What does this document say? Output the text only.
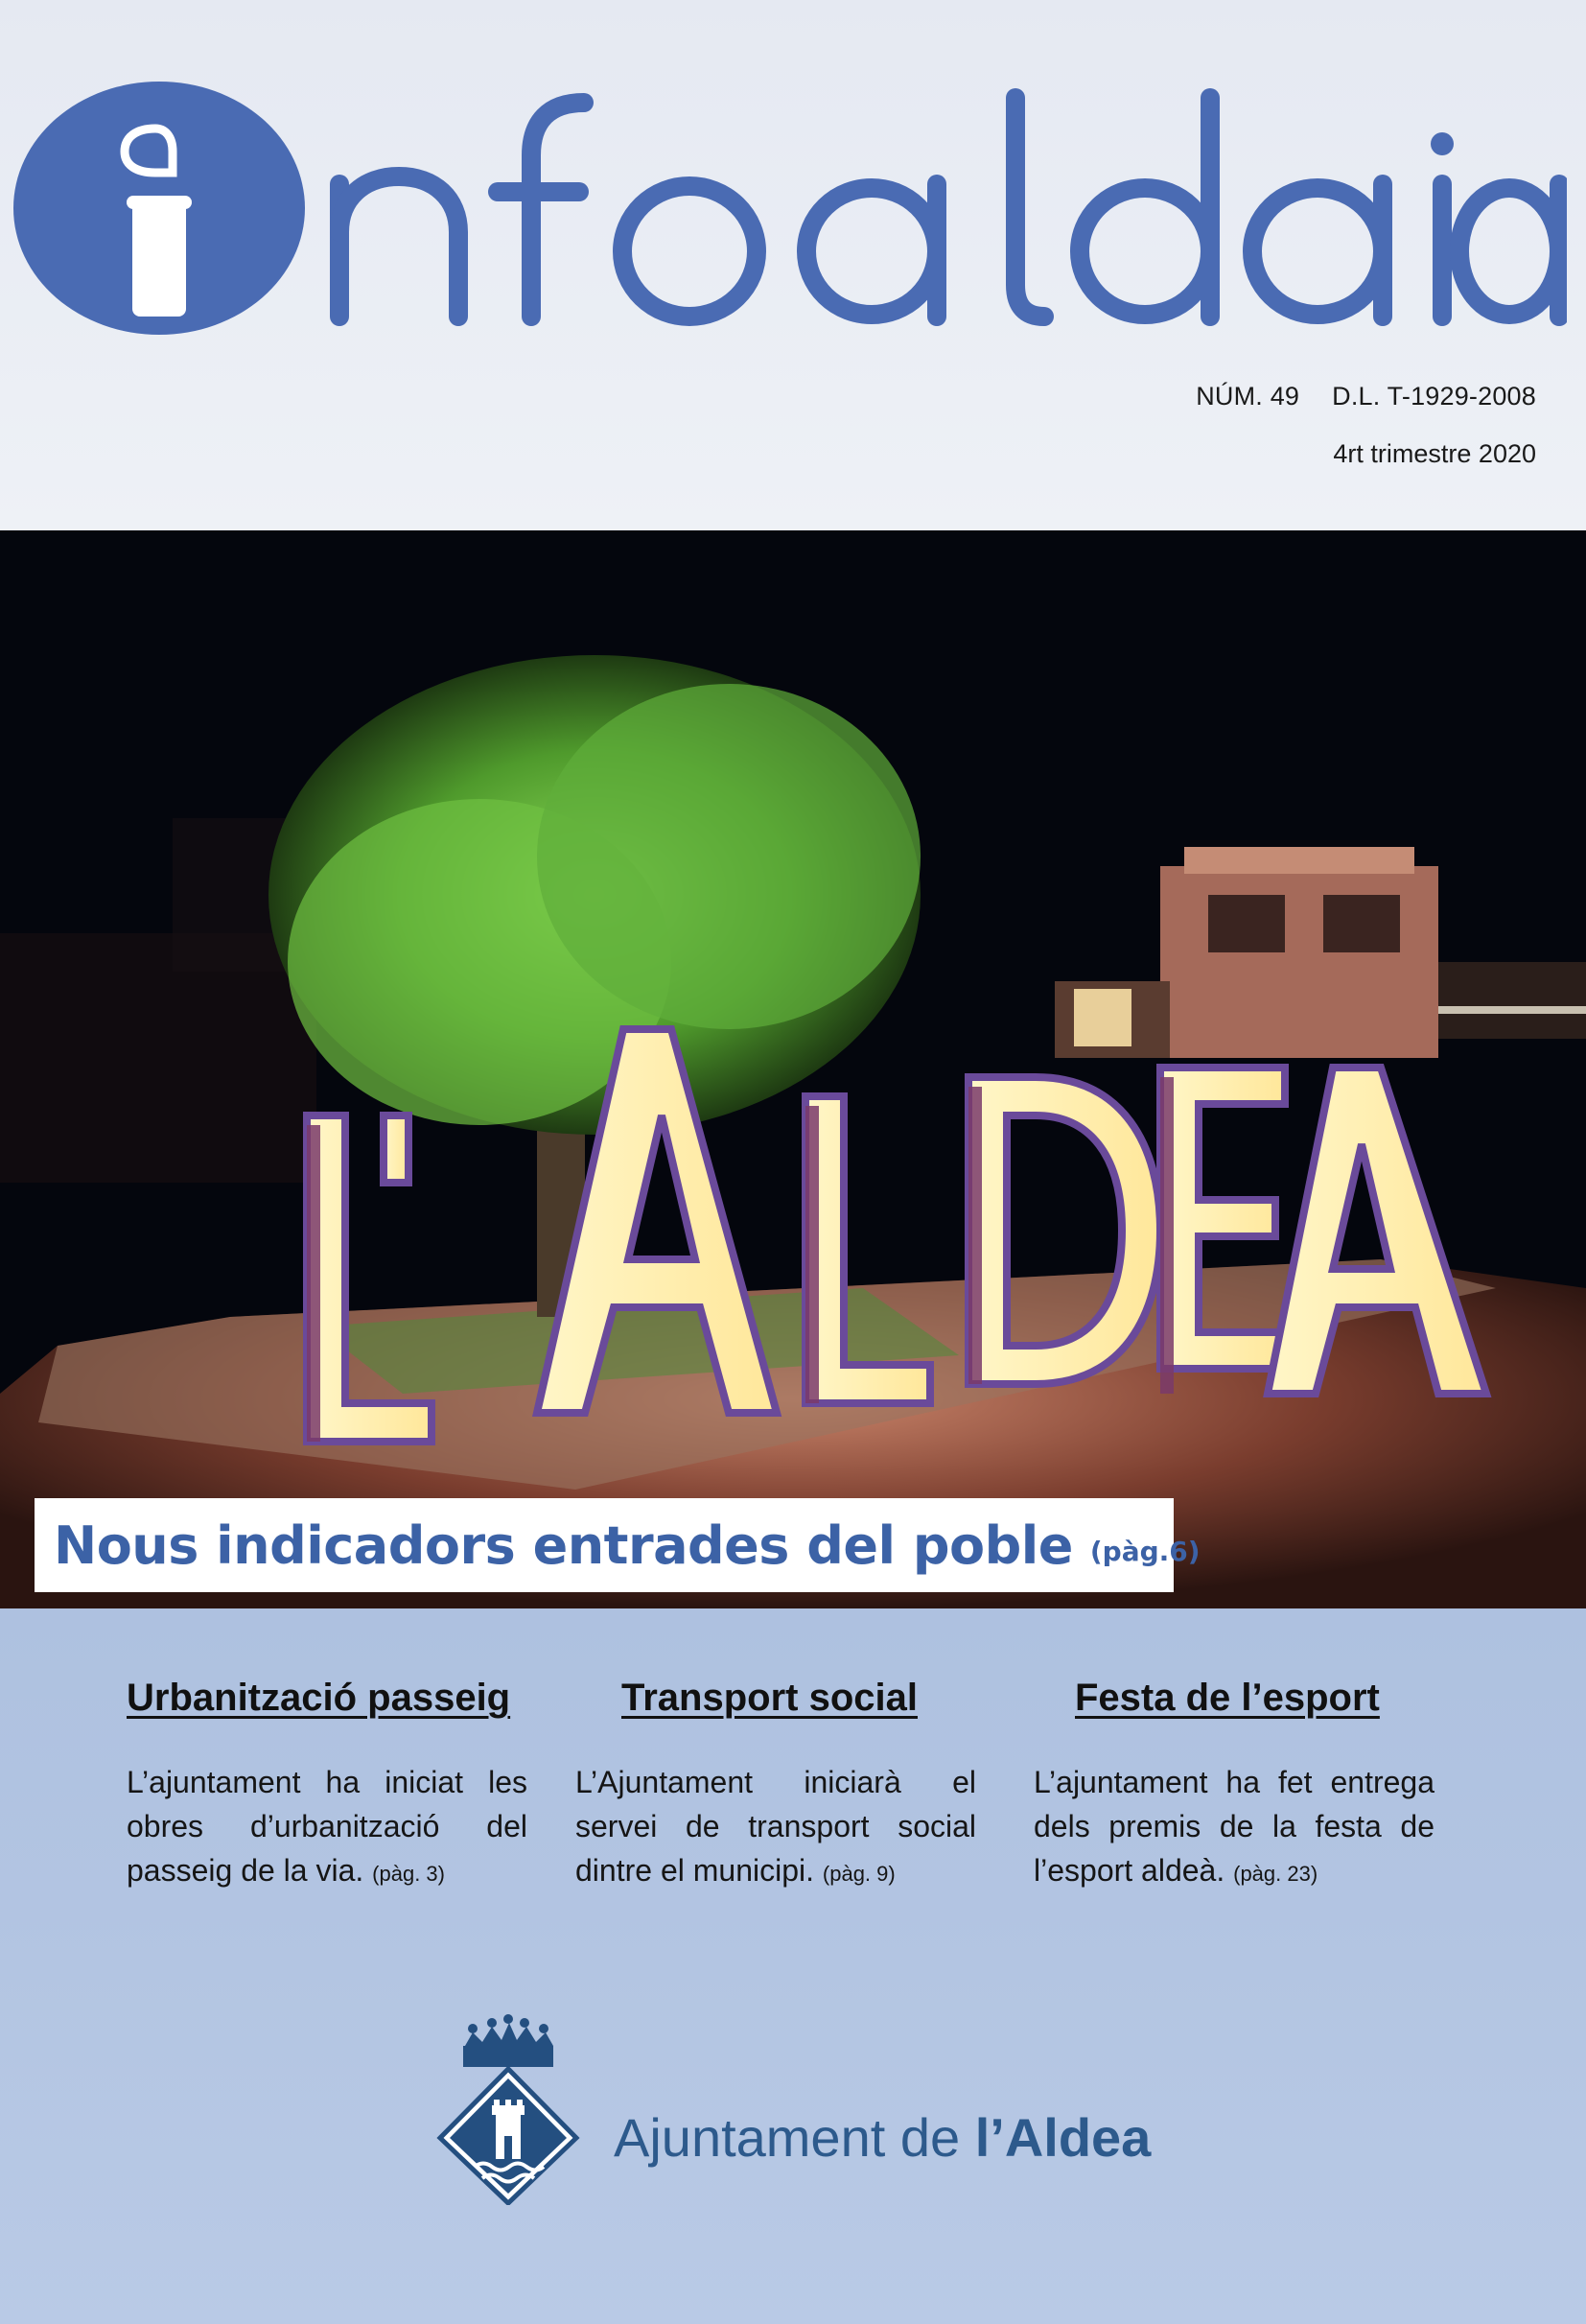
NÚM. 49 D.L. T-1929-2008
4rt trimestre 2020
Nous indicadors entrades del poble (pàg.6)
Urbanització passeig

L’ajuntament ha iniciat les obres d’urbanització del passeig de la via. (pàg. 3)

Transport social

L’Ajuntament iniciarà el servei de transport social dintre el municipi. (pàg. 9)

Festa de l’esport

L’ajuntament ha fet entrega dels premis de la festa de l’esport aldeà. (pàg. 23)

Ajuntament de l’Aldea
